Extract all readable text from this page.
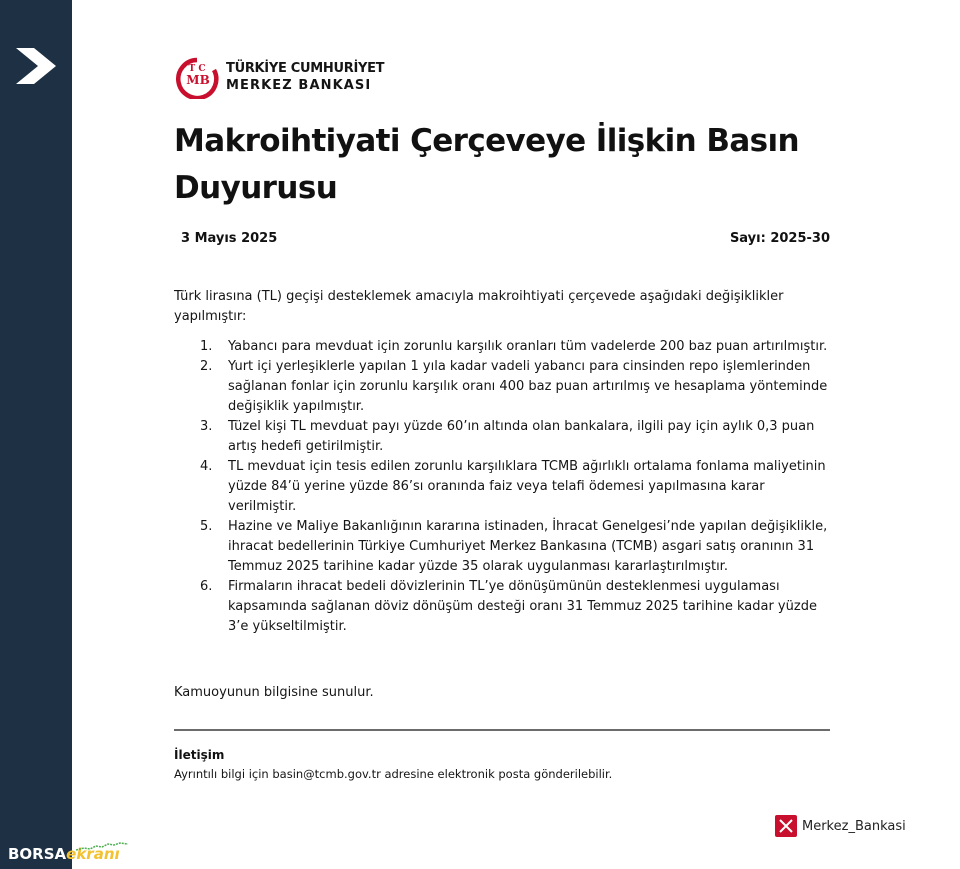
BORSAekranı
MB
T C TÜRKİYE CUMHURİYET
MERKEZ BANKASI
Makroihtiyati Çerçeveye İlişkin Basın Duyurusu
3 Mayıs 2025	Sayı: 2025-30
Türk lirasına (TL) geçişi desteklemek amacıyla makroihtiyati çerçevede aşağıdaki değişiklikler yapılmıştır:
1. Yabancı para mevduat için zorunlu karşılık oranları tüm vadelerde 200 baz puan artırılmıştır.
2. Yurt içi yerleşiklerle yapılan 1 yıla kadar vadeli yabancı para cinsinden repo işlemlerinden sağlanan fonlar için zorunlu karşılık oranı 400 baz puan artırılmış ve hesaplama yönteminde değişiklik yapılmıştır.
3. Tüzel kişi TL mevduat payı yüzde 60’ın altında olan bankalara, ilgili pay için aylık 0,3 puan artış hedefi getirilmiştir.
4. TL mevduat için tesis edilen zorunlu karşılıklara TCMB ağırlıklı ortalama fonlama maliyetinin yüzde 84’ü yerine yüzde 86’sı oranında faiz veya telafi ödemesi yapılmasına karar verilmiştir.
5. Hazine ve Maliye Bakanlığının kararına istinaden, İhracat Genelgesi’nde yapılan değişiklikle, ihracat bedellerinin Türkiye Cumhuriyet Merkez Bankasına (TCMB) asgari satış oranının 31 Temmuz 2025 tarihine kadar yüzde 35 olarak uygulanması kararlaştırılmıştır.
6. Firmaların ihracat bedeli dövizlerinin TL’ye dönüşümünün desteklenmesi uygulaması kapsamında sağlanan döviz dönüşüm desteği oranı 31 Temmuz 2025 tarihine kadar yüzde 3’e yükseltilmiştir.
Kamuoyunun bilgisine sunulur.
İletişim
Ayrıntılı bilgi için basin@tcmb.gov.tr adresine elektronik posta gönderilebilir.
Merkez_Bankasi
